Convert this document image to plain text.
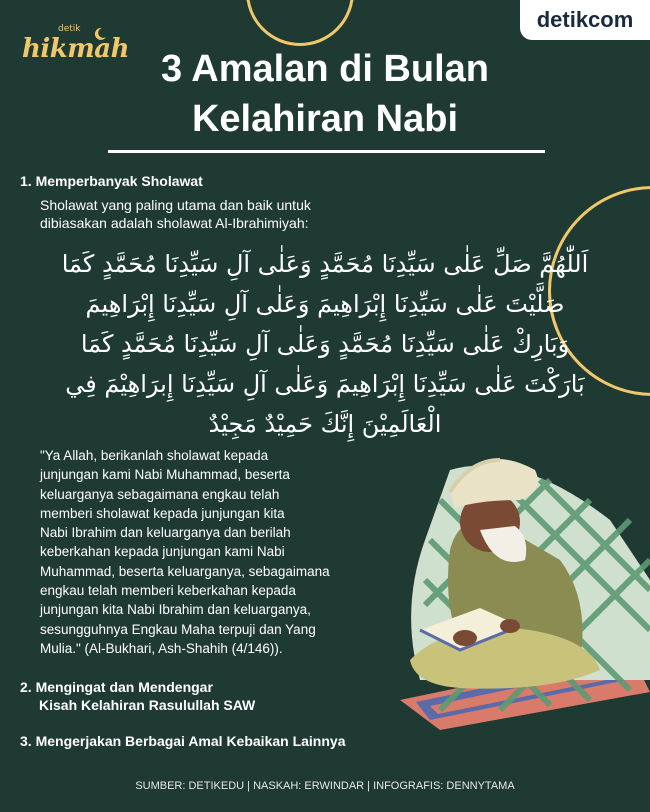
detik
hikmah
detikcom
3 Amalan di Bulan
Kelahiran Nabi
1. Memperbanyak Sholawat
Sholawat yang paling utama dan baik untuk
dibiasakan adalah sholawat Al-Ibrahimiyah:
اَللّٰهُمَّ صَلِّ عَلٰى سَيِّدِنَا مُحَمَّدٍ وَعَلٰى آلِ سَيِّدِنَا مُحَمَّدٍ كَمَا
صَلَّيْتَ عَلٰى سَيِّدِنَا إِبْرَاهِيمَ وَعَلٰى آلِ سَيِّدِنَا إِبْرَاهِيمَ
وَبَارِكْ عَلٰى سَيِّدِنَا مُحَمَّدٍ وَعَلٰى آلِ سَيِّدِنَا مُحَمَّدٍ كَمَا
بَارَكْتَ عَلٰى سَيِّدِنَا إِبْرَاهِيمَ وَعَلٰى آلِ سَيِّدِنَا إِبرَاهِيْمَ فِي
الْعَالَمِيْنَ إِنَّكَ حَمِيْدٌ مَجِيْدٌ
"Ya Allah, berikanlah sholawat kepada
junjungan kami Nabi Muhammad, beserta
keluarganya sebagaimana engkau telah
memberi sholawat kepada junjungan kita
Nabi Ibrahim dan keluarganya dan berilah
keberkahan kepada junjungan kami Nabi
Muhammad, beserta keluarganya, sebagaimana
engkau telah memberi keberkahan kepada
junjungan kita Nabi Ibrahim dan keluarganya,
sesungguhnya Engkau Maha terpuji dan Yang
Mulia." (Al-Bukhari, Ash-Shahih (4/146)).
2. Mengingat dan Mendengar
Kisah Kelahiran Rasulullah SAW
3. Mengerjakan Berbagai Amal Kebaikan Lainnya
SUMBER: DETIKEDU | NASKAH: ERWINDAR | INFOGRAFIS: DENNYTAMA
